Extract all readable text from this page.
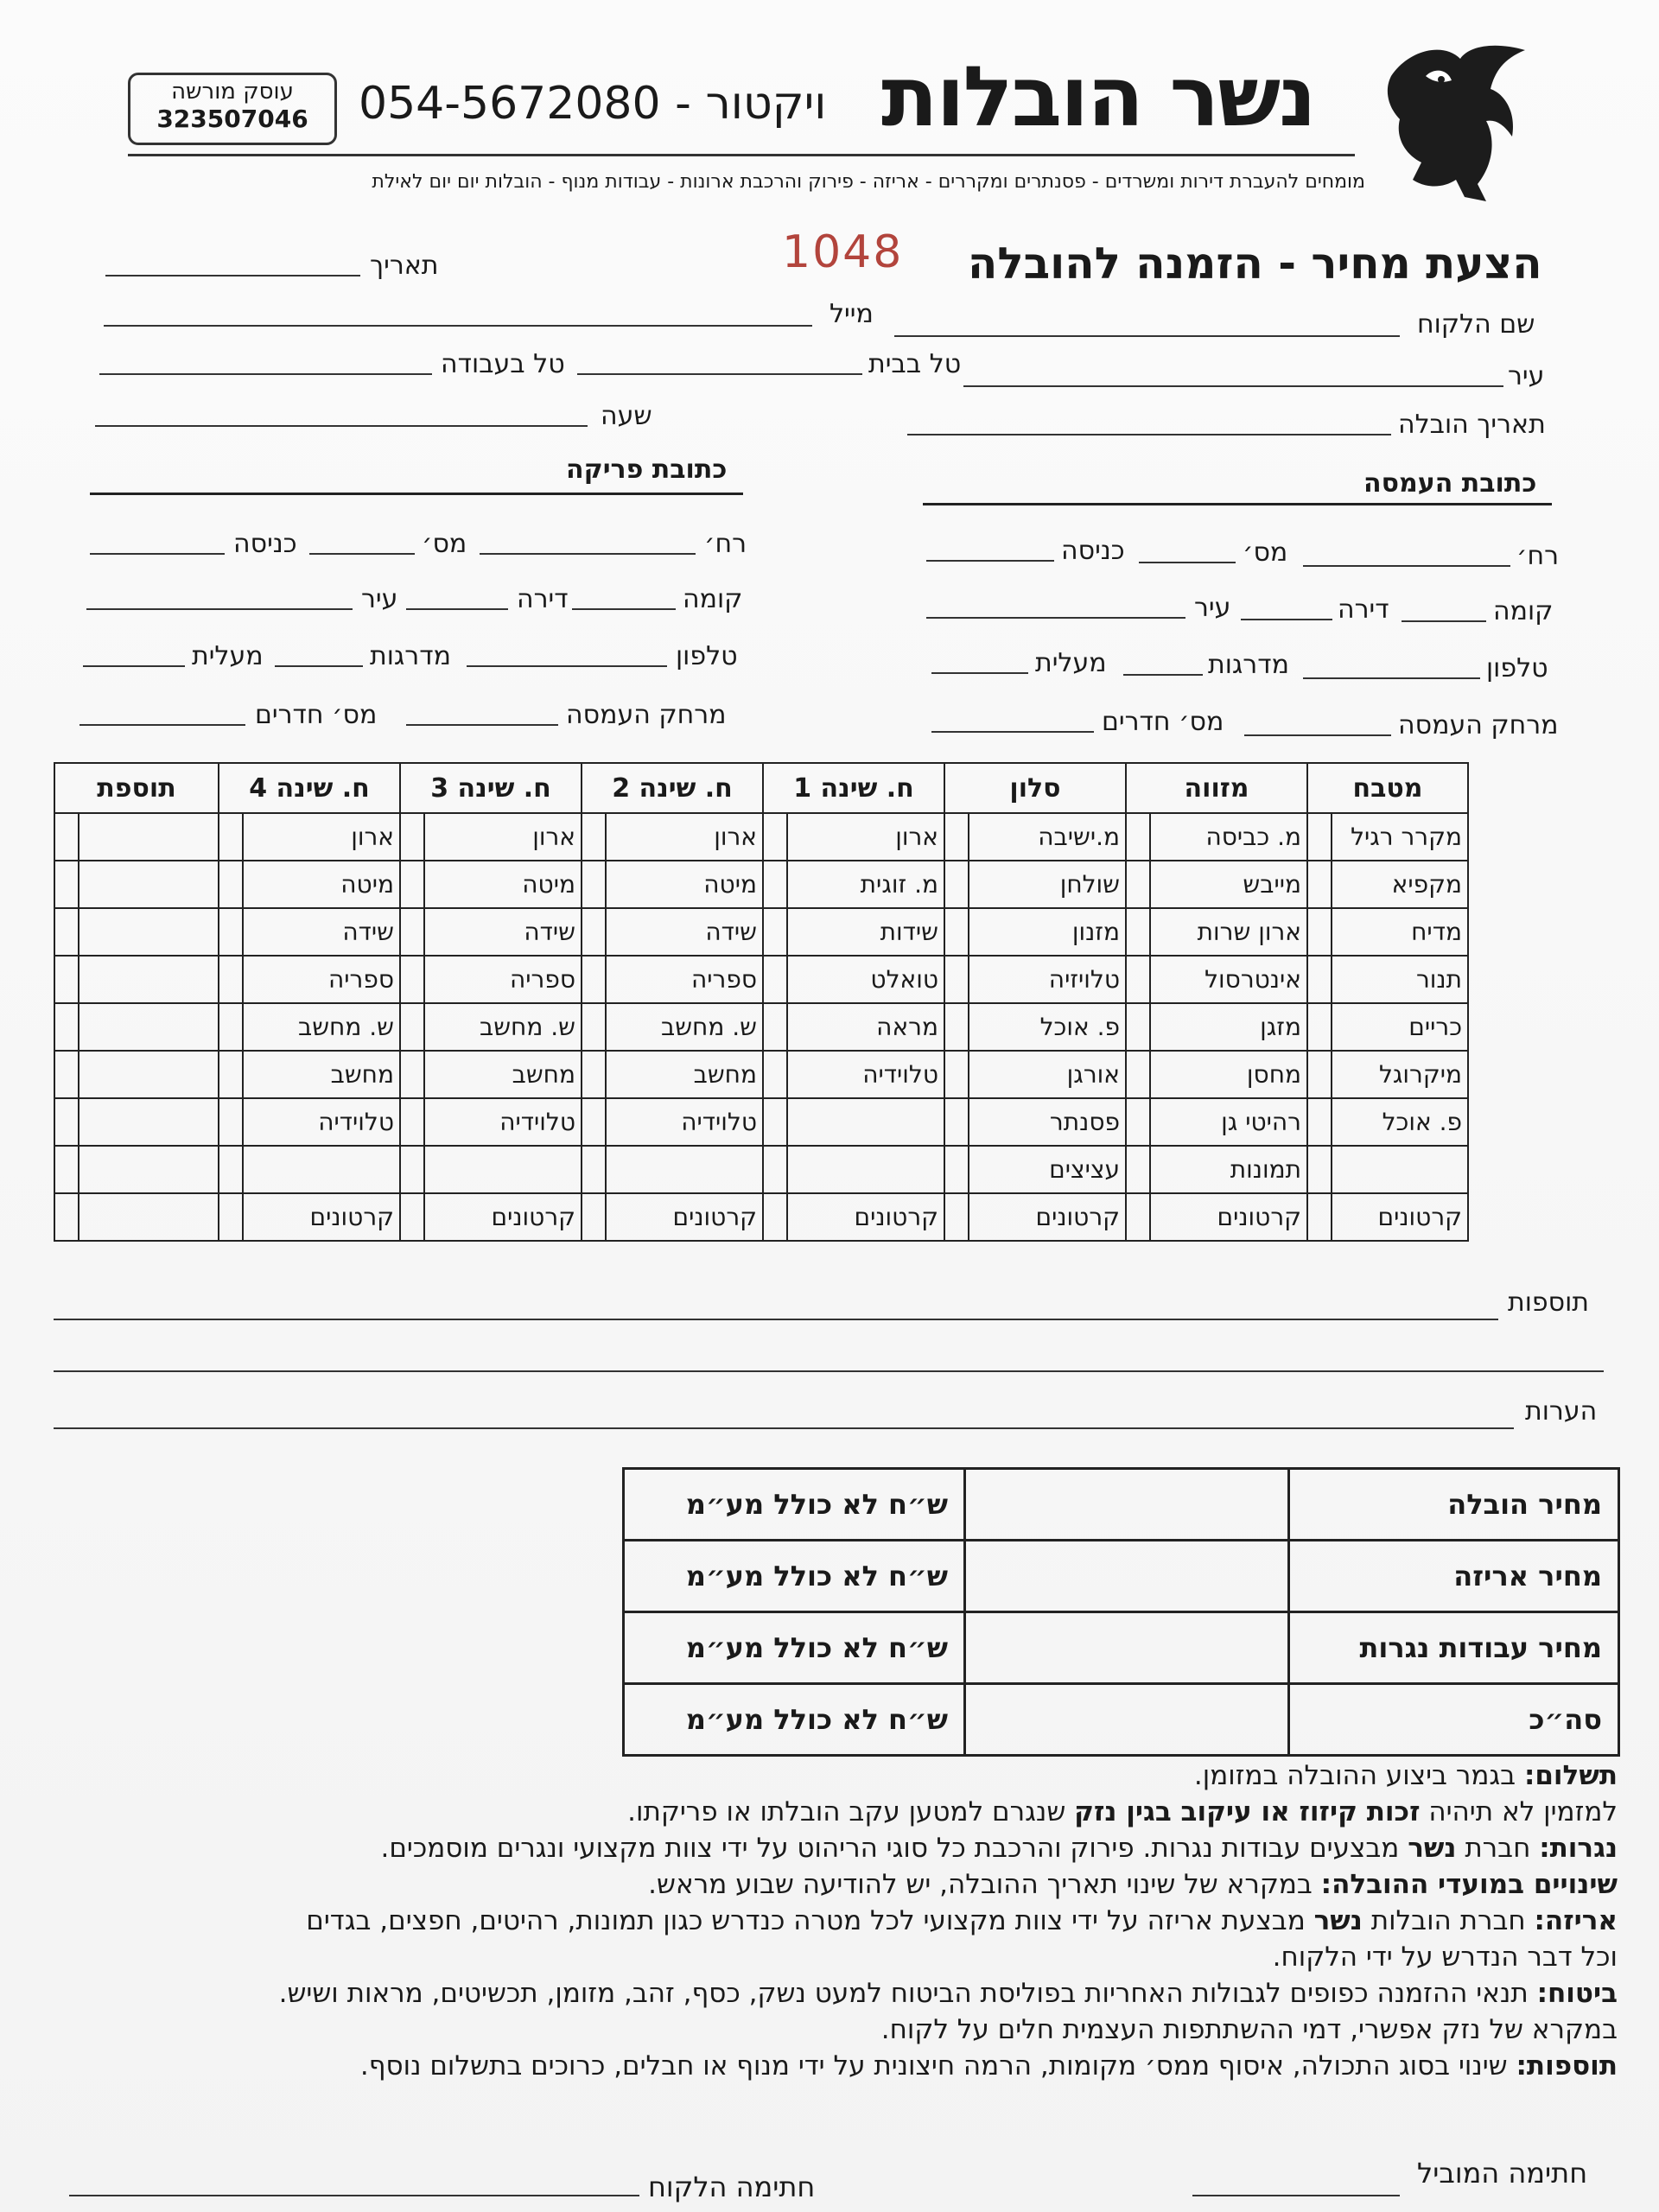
נשר הובלות
054-5672080 - ויקטור
עוסק מורשה
323507046
מומחים להעברת דירות ומשרדים - פסנתרים ומקררים - אריזה - פירוק והרכבת ארונות - עבודות מנוף - הובלות יום יום לאילת
הצעת מחיר - הזמנה להובלה
1048
שם הלקוח
עיר
תאריך הובלה
תאריך
מייל
טל בבית
טל בעבודה
שעה
כתובת העמסה
רח׳
מס׳
כניסה
קומה
דירה
עיר
טלפון
מדרגות
מעלית
מרחק העמסה
מס׳ חדרים
כתובת פריקה
רח׳
מס׳
כניסה
קומה
דירה
עיר
טלפון
מדרגות
מעלית
מרחק העמסה
מס׳ חדרים
מטבח		מזווה		סלון		ח. שינה 1		ח. שינה 2		ח. שינה 3		ח. שינה 4		תוספת	
מקרר רגיל		מ. כביסה		מ.ישיבה		ארון		ארון		ארון		ארון			
מקפיא		מייבש		שולחן		מ. זוגית		מיטה		מיטה		מיטה			
מדיח		ארון שרות		מזנון		שידות		שידה		שידה		שידה			
תנור		אינטרסול		טלויזיה		טואלט		ספריה		ספריה		ספריה			
כריים		מזגן		פ. אוכל		מראה		ש. מחשב		ש. מחשב		ש. מחשב			
מיקרוגל		מחסן		אורגן		טלוידיה		מחשב		מחשב		מחשב			
פ. אוכל		רהיטי גן		פסנתר				טלוידיה		טלוידיה		טלוידיה			
		תמונות		עציצים											
קרטונים		קרטונים		קרטונים		קרטונים		קרטונים		קרטונים		קרטונים			
תוספות
הערות
מחיר הובלה		ש״ח לא כולל מע״מ
מחיר אריזה		ש״ח לא כולל מע״מ
מחיר עבודות נגרות		ש״ח לא כולל מע״מ
סה״כ		ש״ח לא כולל מע״מ

תשלום: בגמר ביצוע ההובלה במזומן.

למזמין לא תיהיה זכות קיזוז או עיקוב בגין נזק שנגרם למטען עקב הובלתו או פריקתו.

נגרות: חברת נשר מבצעים עבודות נגרות. פירוק והרכבת כל סוגי הריהוט על ידי צוות מקצועי ונגרים מוסמכים.

שינויים במועדי ההובלה: במקרא של שינוי תאריך ההובלה, יש להודיעה שבוע מראש.

אריזה: חברת הובלות נשר מבצעת אריזה על ידי צוות מקצועי לכל מטרה כנדרש כגון תמונות, רהיטים, חפצים, בגדים

וכל דבר הנדרש על ידי הלקוח.

ביטוח: תנאי ההזמנה כפופים לגבולות האחריות בפוליסת הביטוח למעט נשק, כסף, זהב, מזומן, תכשיטים, מראות ושיש.

במקרא של נזק אפשרי, דמי ההשתתפות העצמית חלים על לקוח.

תוספות: שינוי בסוג התכולה, איסוף ממס׳ מקומות, הרמה חיצונית על ידי מנוף או חבלים, כרוכים בתשלום נוסף.

חתימה המוביל
חתימה הלקוח
